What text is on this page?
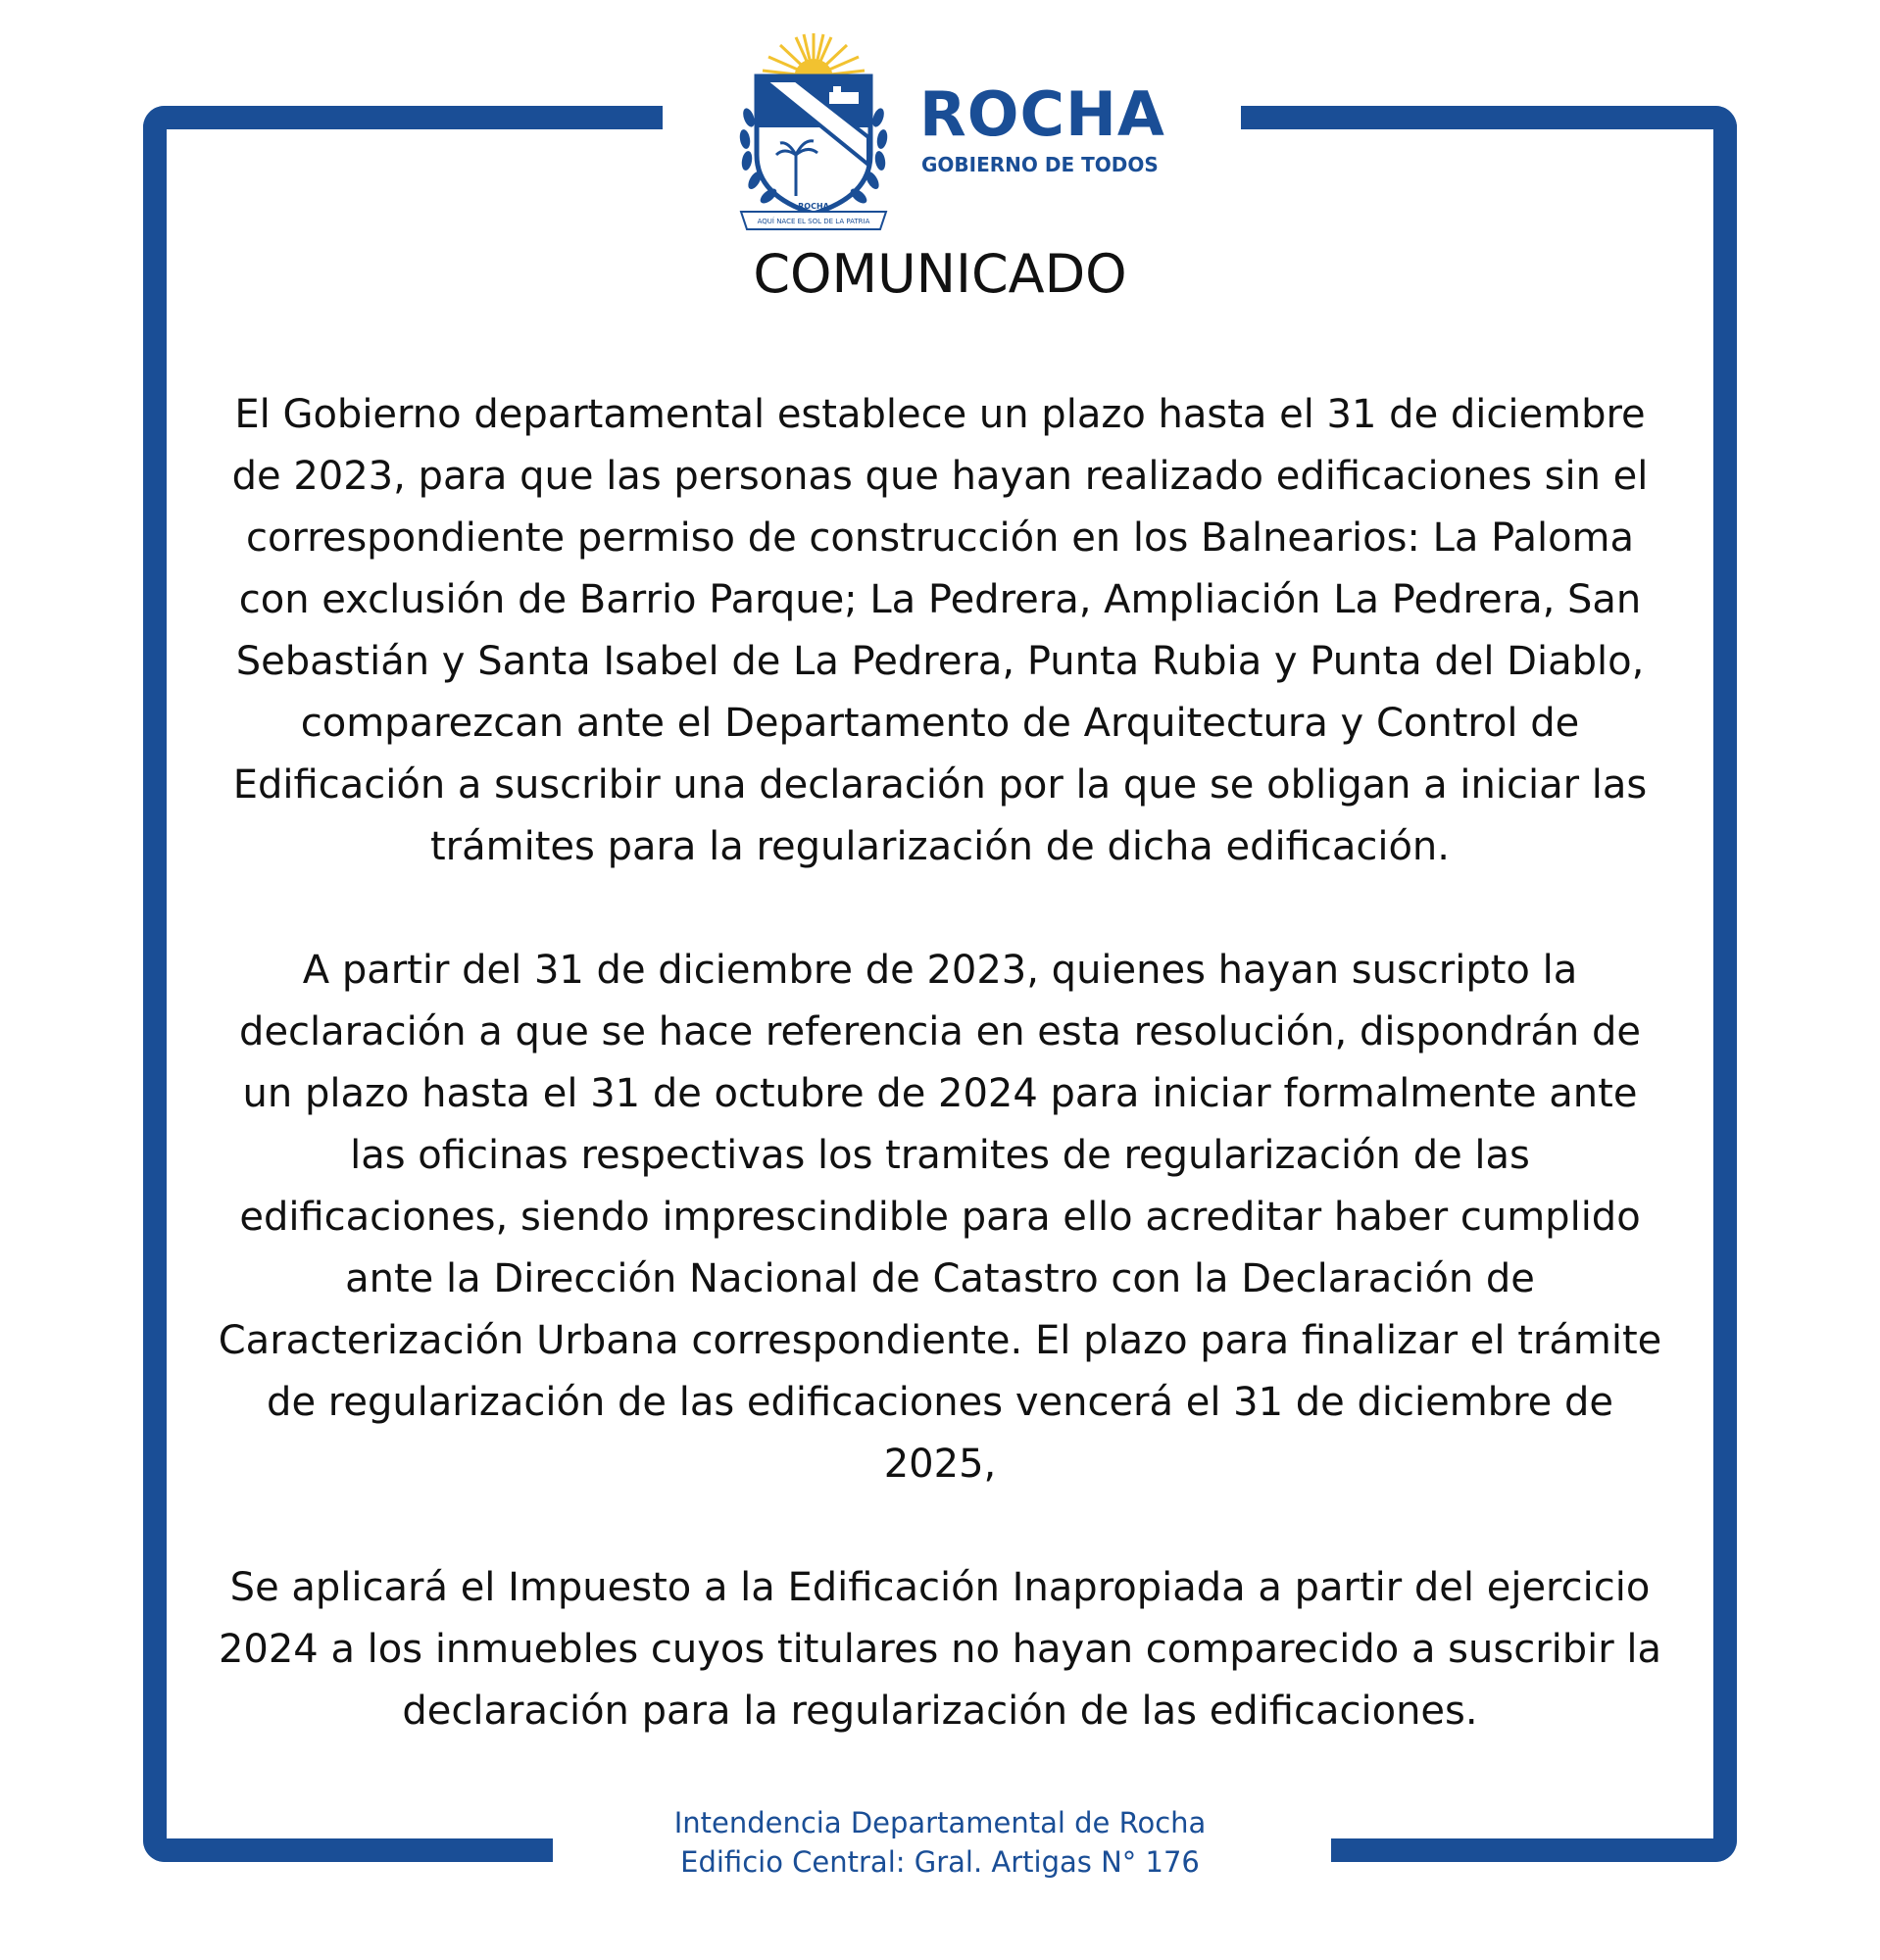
AQUÍ NACE EL SOL DE LA PATRIA
ROCHA
ROCHA
GOBIERNO DE TODOS
COMUNICADO

El Gobierno departamental establece un plazo hasta el 31 de diciembre de 2023, para que las personas que hayan realizado edificaciones sin el correspondiente permiso de construcción en los Balnearios: La Paloma con exclusión de Barrio Parque; La Pedrera, Ampliación La Pedrera, San Sebastián y Santa Isabel de La Pedrera, Punta Rubia y Punta del Diablo, comparezcan ante el Departamento de Arquitectura y Control de Edificación a suscribir una declaración por la que se obligan a iniciar las trámites para la regularización de dicha edificación.

A partir del 31 de diciembre de 2023, quienes hayan suscripto la declaración a que se hace referencia en esta resolución, dispondrán de un plazo hasta el 31 de octubre de 2024 para iniciar formalmente ante las oficinas respectivas los tramites de regularización de las edificaciones, siendo imprescindible para ello acreditar haber cumplido ante la Dirección Nacional de Catastro con la Declaración de Caracterización Urbana correspondiente. El plazo para finalizar el trámite de regularización de las edificaciones vencerá el 31 de diciembre de 2025,

Se aplicará el Impuesto a la Edificación Inapropiada a partir del ejercicio 2024 a los inmuebles cuyos titulares no hayan comparecido a suscribir la declaración para la regularización de las edificaciones.

Intendencia Departamental de Rocha
Edificio Central: Gral. Artigas N° 176
